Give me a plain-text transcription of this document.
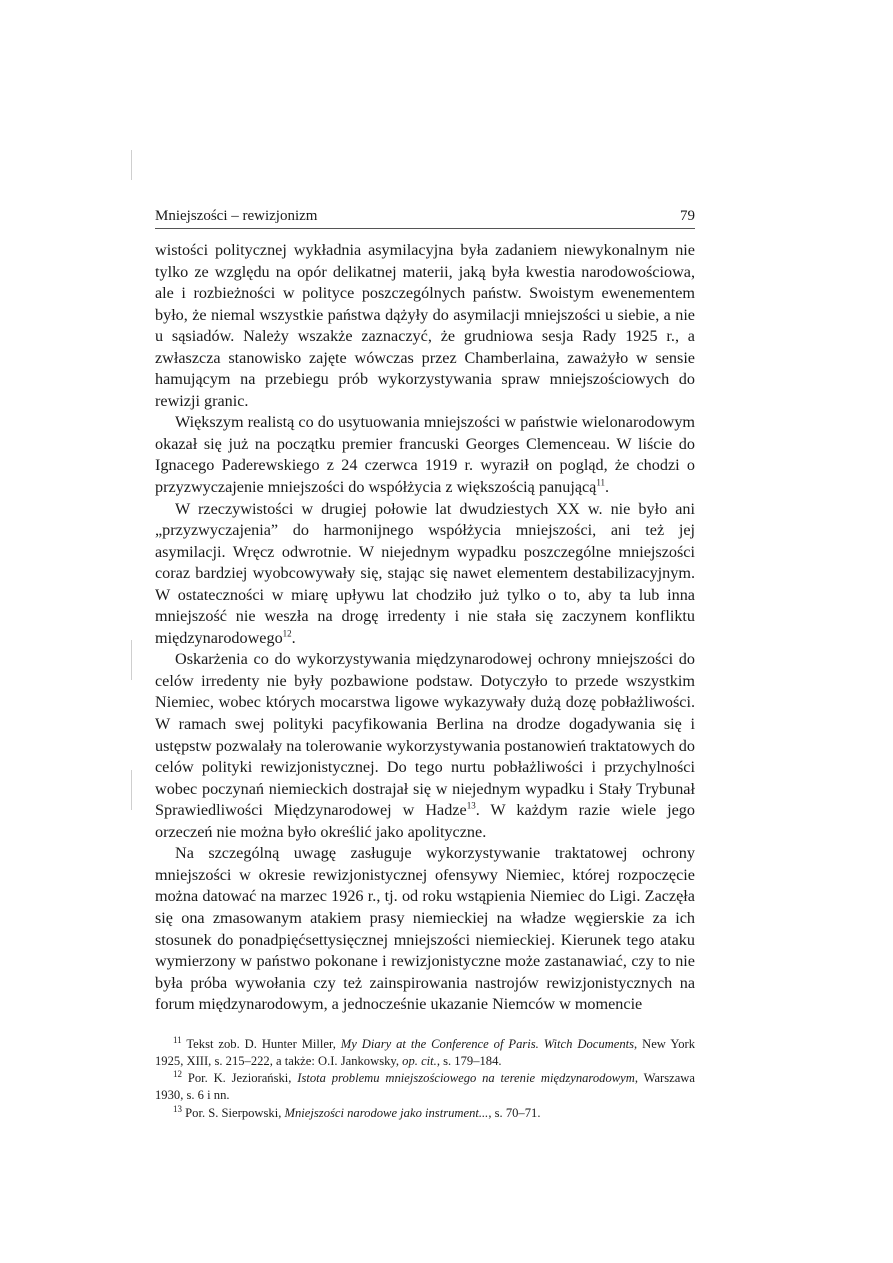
Mniejszości – rewizjonizm	79

wistości politycznej wykładnia asymilacyjna była zadaniem niewykonalnym nie tylko ze względu na opór delikatnej materii, jaką była kwestia narodowościowa, ale i rozbieżności w polityce poszczególnych państw. Swoistym ewenementem było, że niemal wszystkie państwa dążyły do asymilacji mniejszości u siebie, a nie u sąsiadów. Należy wszakże zaznaczyć, że grudniowa sesja Rady 1925 r., a zwłaszcza stanowisko zajęte wówczas przez Chamberlaina, zaważyło w sensie hamującym na przebiegu prób wykorzystywania spraw mniejszościowych do rewizji granic.

Większym realistą co do usytuowania mniejszości w państwie wielonarodowym okazał się już na początku premier francuski Georges Clemenceau. W liście do Ignacego Paderewskiego z 24 czerwca 1919 r. wyraził on pogląd, że chodzi o przyzwyczajenie mniejszości do współżycia z większością panującą$^{11}$.

W rzeczywistości w drugiej połowie lat dwudziestych XX w. nie było ani „przyzwyczajenia” do harmonijnego współżycia mniejszości, ani też jej asymilacji. Wręcz odwrotnie. W niejednym wypadku poszczególne mniejszości coraz bardziej wyobcowywały się, stając się nawet elementem destabilizacyjnym. W ostateczności w miarę upływu lat chodziło już tylko o to, aby ta lub inna mniejszość nie weszła na drogę irredenty i nie stała się zaczynem konfliktu międzynarodowego$^{12}$.

Oskarżenia co do wykorzystywania międzynarodowej ochrony mniejszości do celów irredenty nie były pozbawione podstaw. Dotyczyło to przede wszystkim Niemiec, wobec których mocarstwa ligowe wykazywały dużą dozę pobłażliwości. W ramach swej polityki pacyfikowania Berlina na drodze dogadywania się i ustępstw pozwalały na tolerowanie wykorzystywania postanowień traktatowych do celów polityki rewizjonistycznej. Do tego nurtu pobłażliwości i przychylności wobec poczynań niemieckich dostrajał się w niejednym wypadku i Stały Trybunał Sprawiedliwości Międzynarodowej w Hadze$^{13}$. W każdym razie wiele jego orzeczeń nie można było określić jako apolityczne.

Na szczególną uwagę zasługuje wykorzystywanie traktatowej ochrony mniejszości w okresie rewizjonistycznej ofensywy Niemiec, której rozpoczęcie można datować na marzec 1926 r., tj. od roku wstąpienia Niemiec do Ligi. Zaczęła się ona zmasowanym atakiem prasy niemieckiej na władze węgierskie za ich stosunek do ponadpięćsettysięcznej mniejszości niemieckiej. Kierunek tego ataku wymierzony w państwo pokonane i rewizjonistyczne może zastanawiać, czy to nie była próba wywołania czy też zainspirowania nastrojów rewizjonistycznych na forum międzynarodowym, a jednocześnie ukazanie Niemców w momencie

$^{11}$ Tekst zob. D. Hunter Miller, My Diary at the Conference of Paris. Witch Documents, New York 1925, XIII, s. 215–222, a także: O.I. Jankowsky, op. cit., s. 179–184.

$^{12}$ Por. K. Jeziorański, Istota problemu mniejszościowego na terenie międzynarodowym, Warszawa 1930, s. 6 i nn.

$^{13}$ Por. S. Sierpowski, Mniejszości narodowe jako instrument..., s. 70–71.
